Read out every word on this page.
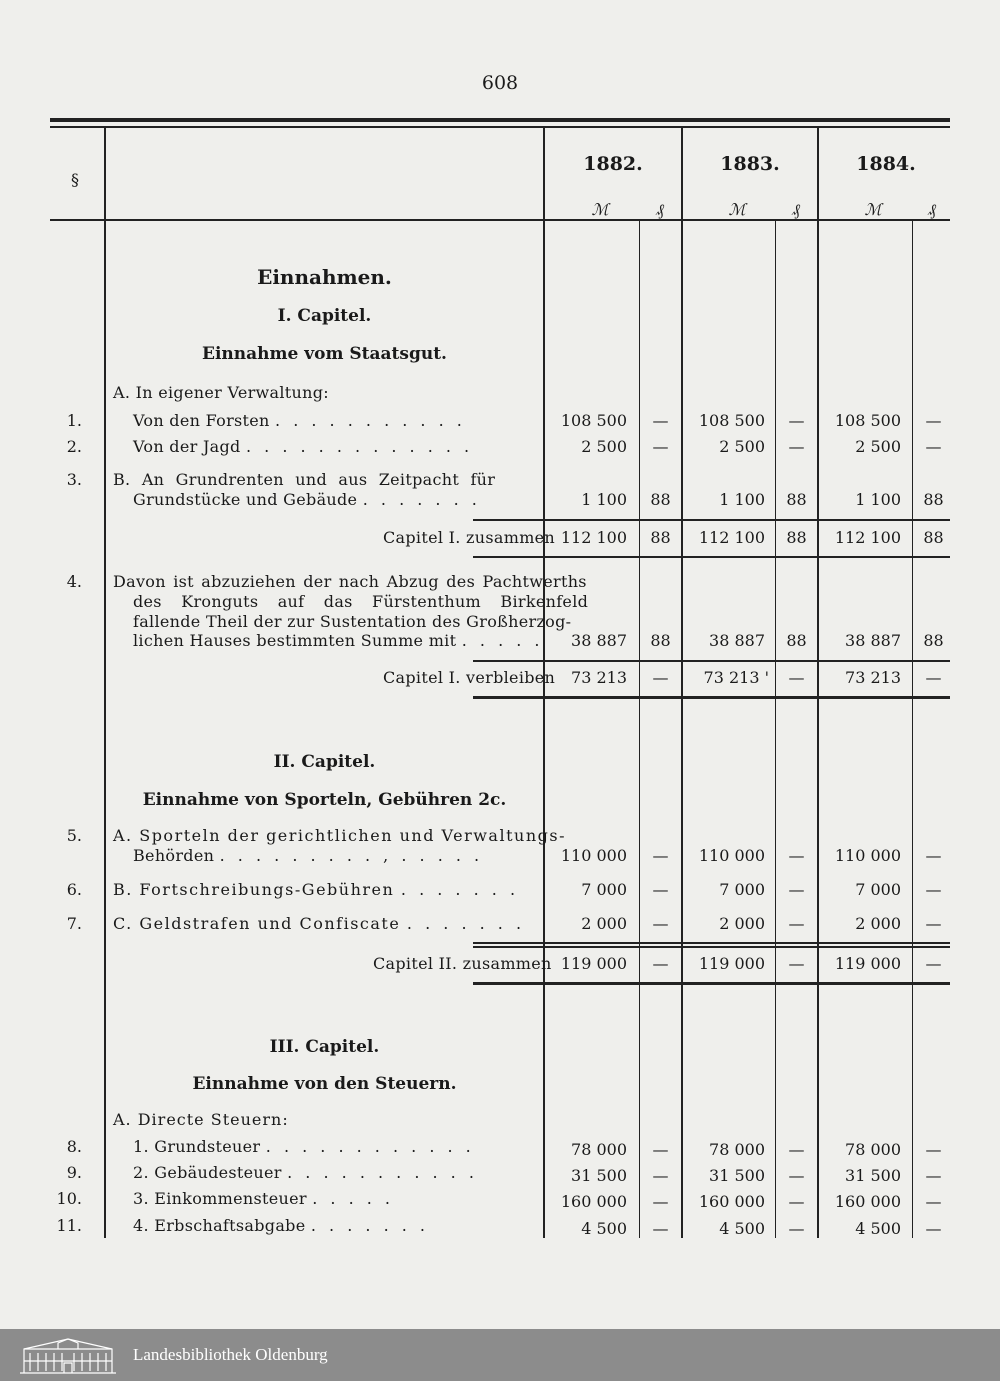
608
§
1882.	1883.	1884.
ℳ	₰	ℳ	₰	ℳ	₰
Einnahmen.
I. Capitel.
Einnahme vom Staatsgut.
A. In eigener Verwaltung:
1.	Von den Forsten . . . . . . . . . . .	108 500	—	108 500	—	108 500	—
2.	Von der Jagd . . . . . . . . . . . . .	2 500	—	2 500	—	2 500	—
3. B. An Grundrenten und aus Zeitpacht für
Grundstücke und Gebäude . . . . . . .	1 100	88	1 100	88	1 100	88
Capitel I. zusammen 112 100	88	112 100	88	112 100	88
4. Davon ist abzuziehen der nach Abzug des Pachtwerths
des Kronguts auf das Fürstenthum Birkenfeld
fallende Theil der zur Sustentation des Großherzog-
lichen Hauses bestimmten Summe mit . . . . .	38 887	88	38 887	88	38 887	88
Capitel I. verbleiben 73 213	—	73 213 '	—	73 213	—
II. Capitel.
Einnahme von Sporteln, Gebühren 2c.
5. A. Sporteln der gerichtlichen und Verwaltungs-
Behörden . . . . . . . . . , . . . . .	110 000	—	110 000	—	110 000	—
6. B. Fortschreibungs-Gebühren . . . . . . .	7 000	—	7 000	—	7 000	—
7. C. Geldstrafen und Confiscate . . . . . . .	2 000	—	2 000	—	2 000	—
Capitel II. zusammen 119 000	—	119 000	—	119 000	—
III. Capitel.
Einnahme von den Steuern.
A. Directe Steuern:
8.	1. Grundsteuer . . . . . . . . . . . .	78 000	—	78 000	—	78 000	—
9.	2. Gebäudesteuer . . . . . . . . . . .	31 500	—	31 500	—	31 500	—
10.	3. Einkommensteuer . . . . .	160 000	—	160 000	—	160 000	—
11.	4. Erbschaftsabgabe . . . . . . .	4 500	—	4 500	—	4 500	—
Landesbibliothek Oldenburg
